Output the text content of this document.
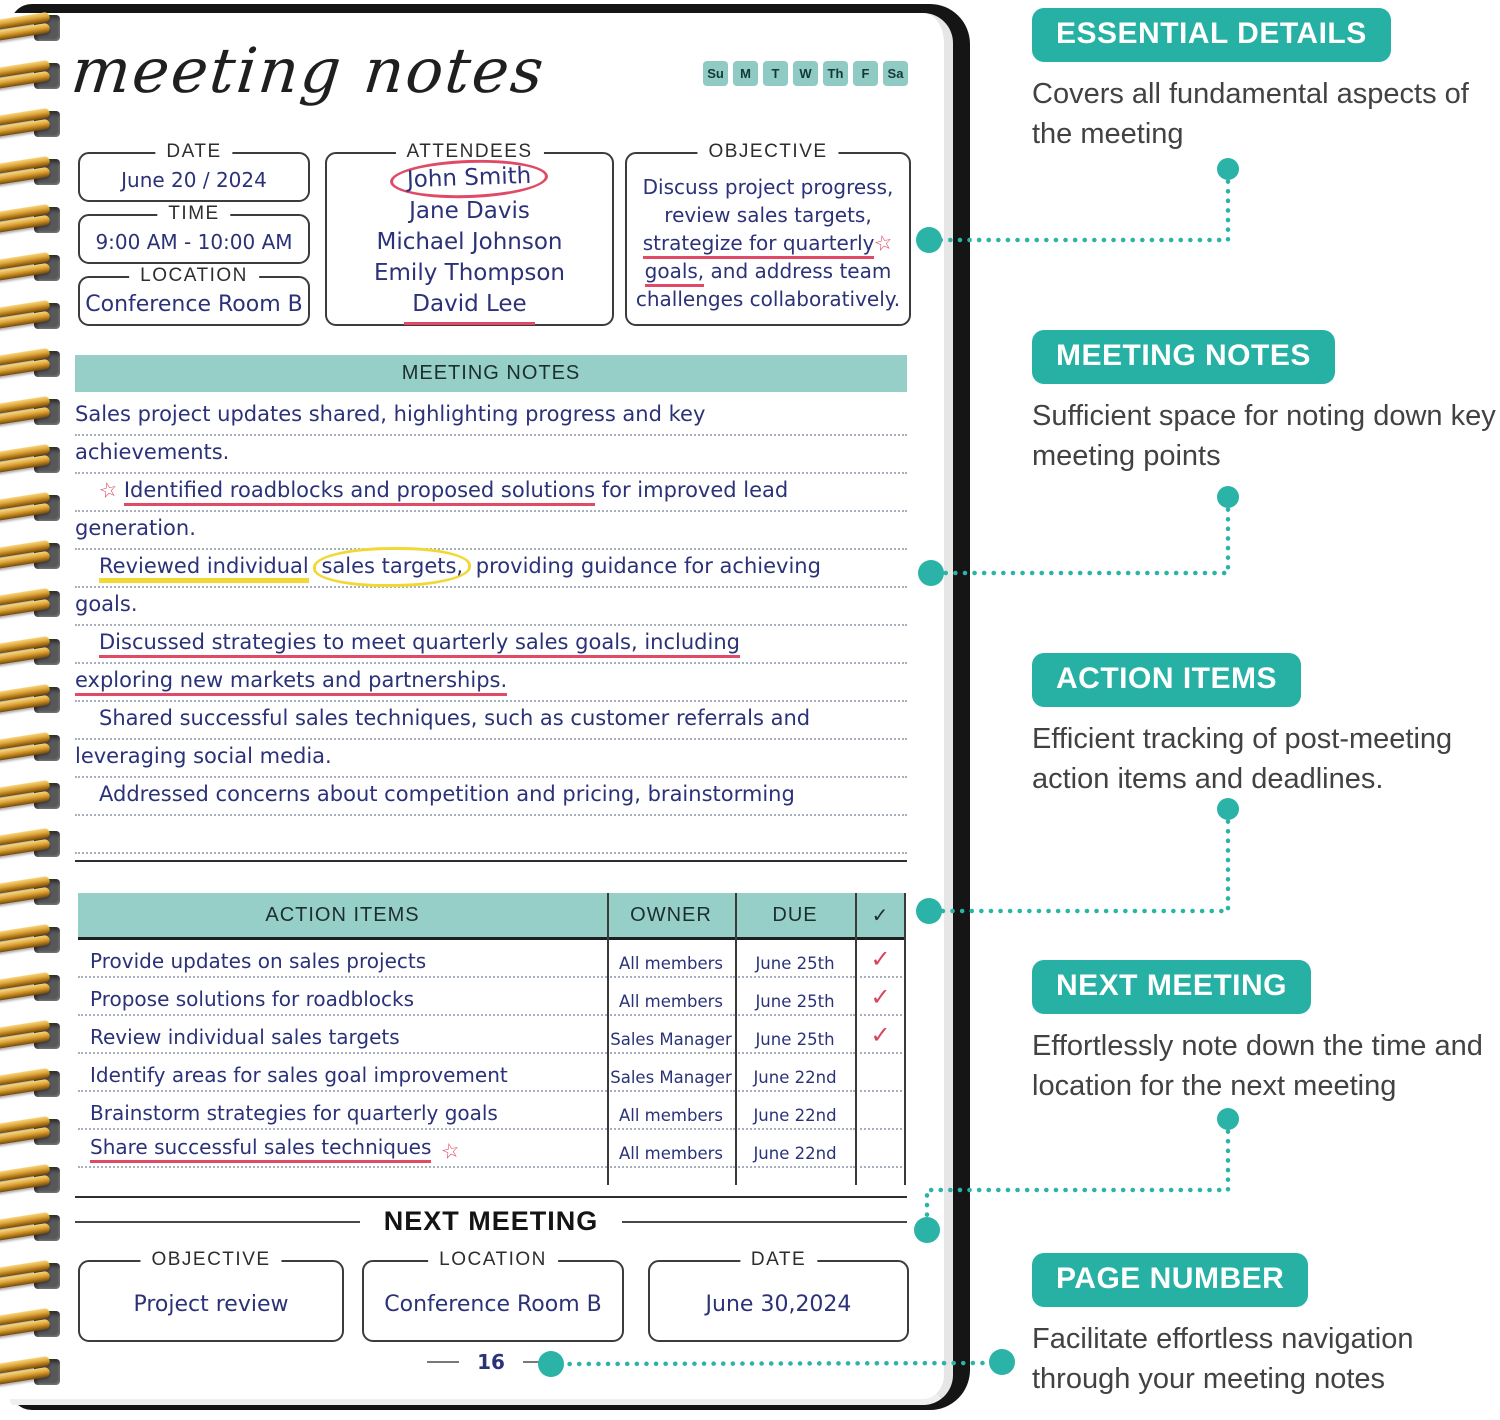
meeting notes	Su	M	T	W	Th	F	Sa
DATE
June 20 / 2024
TIME
9:00 AM - 10:00 AM
LOCATION
Conference Room B
ATTENDEES
John Smith
Jane Davis
Michael Johnson
Emily Thompson
David Lee
OBJECTIVE
Discuss project progress,
review sales targets,
strategize for quarterly☆
goals, and address team
challenges collaboratively.
MEETING NOTES
Sales project updates shared, highlighting progress and key
achievements.
☆ Identified roadblocks and proposed solutions for improved lead
generation.
Reviewed individual sales targets, providing guidance for achieving
goals.
Discussed strategies to meet quarterly sales goals, including
exploring new markets and partnerships.
Shared successful sales techniques, such as customer referrals and
leveraging social media.
Addressed concerns about competition and pricing, brainstorming
ACTION ITEMS	OWNER	DUE	✓
Provide updates on sales projects	All members	June 25th	✓
Propose solutions for roadblocks	All members	June 25th	✓
Review individual sales targets	Sales Manager	June 25th	✓
Identify areas for sales goal improvement	Sales Manager	June 22nd
Brainstorm strategies for quarterly goals	All members	June 22nd
Share successful sales techniques ☆	All members	June 22nd
NEXT MEETING
OBJECTIVE
Project review
LOCATION
Conference Room B
DATE
June 30,2024
16
ESSENTIAL DETAILS
Covers all fundamental aspects of the meeting
MEETING NOTES
Sufficient space for noting down key meeting points
ACTION ITEMS
Efficient tracking of post-meeting action items and deadlines.
NEXT MEETING
Effortlessly note down the time and location for the next meeting
PAGE NUMBER
Facilitate effortless navigation through your meeting notes
